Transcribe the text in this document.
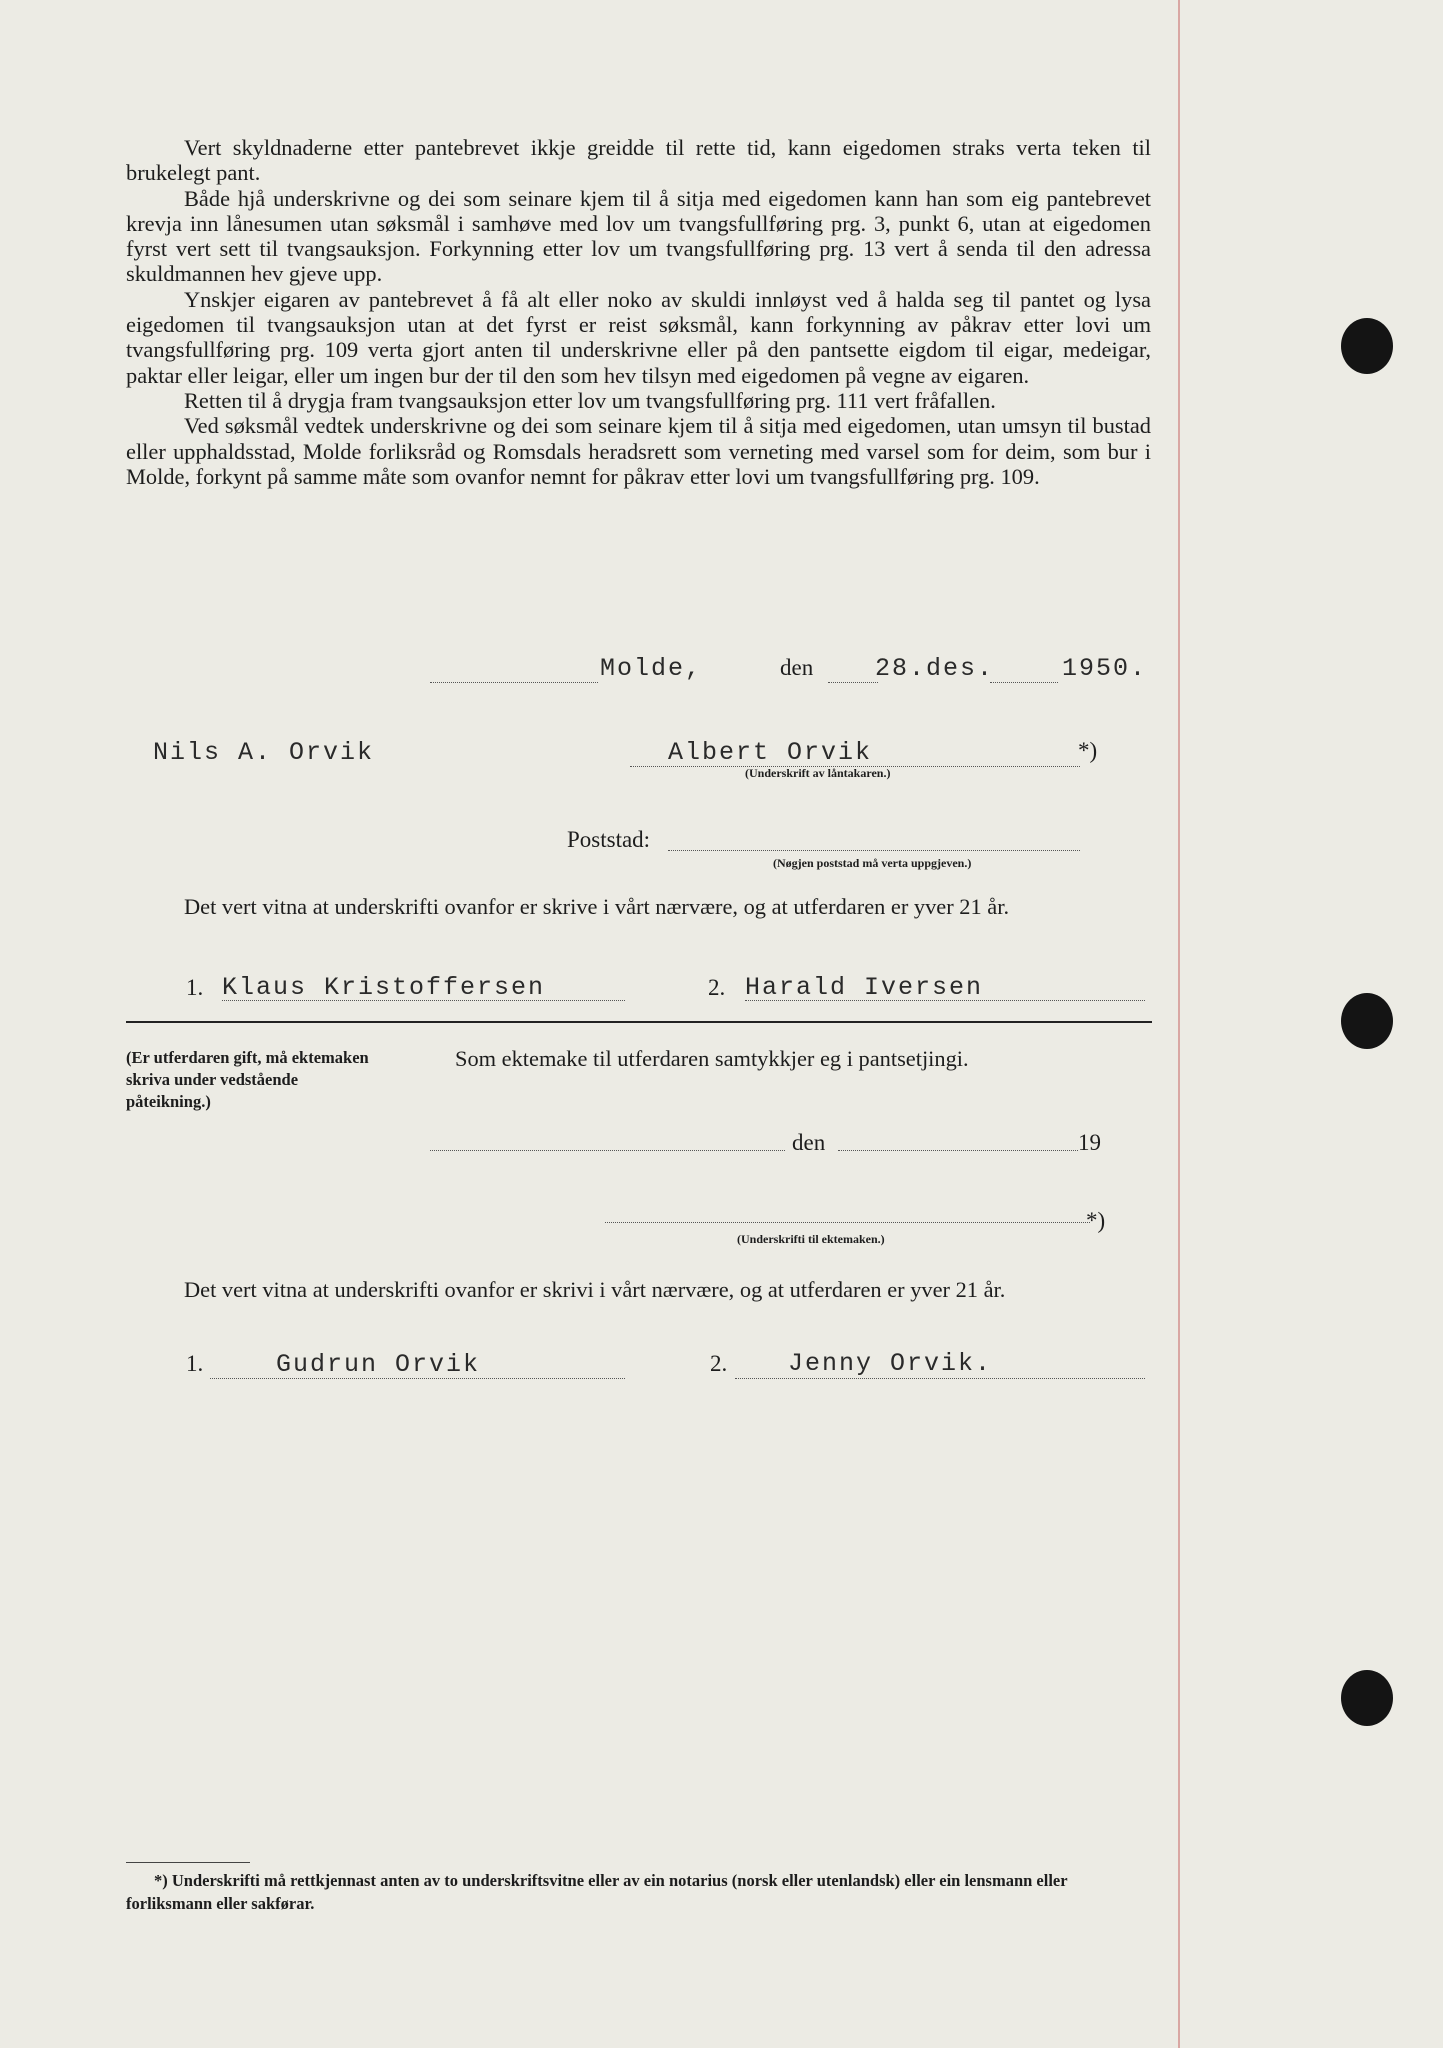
Vert skyldnaderne etter pantebrevet ikkje greidde til rette tid, kann eigedomen straks verta teken til brukelegt pant.

Både hjå underskrivne og dei som seinare kjem til å sitja med eigedomen kann han som eig pantebrevet krevja inn lånesumen utan søksmål i samhøve med lov um tvangsfullføring prg. 3, punkt 6, utan at eigedomen fyrst vert sett til tvangsauksjon. Forkynning etter lov um tvangsfullføring prg. 13 vert å senda til den adressa skuldmannen hev gjeve upp.

Ynskjer eigaren av pantebrevet å få alt eller noko av skuldi innløyst ved å halda seg til pantet og lysa eigedomen til tvangsauksjon utan at det fyrst er reist søksmål, kann forkynning av påkrav etter lovi um tvangsfullføring prg. 109 verta gjort anten til underskrivne eller på den pantsette eigdom til eigar, medeigar, paktar eller leigar, eller um ingen bur der til den som hev tilsyn med eigedomen på vegne av eigaren.

Retten til å drygja fram tvangsauksjon etter lov um tvangsfullføring prg. 111 vert fråfallen.

Ved søksmål vedtek underskrivne og dei som seinare kjem til å sitja med eigedomen, utan umsyn til bustad eller upphaldsstad, Molde forliksråd og Romsdals heradsrett som verneting med varsel som for deim, som bur i Molde, forkynt på samme måte som ovanfor nemnt for påkrav etter lovi um tvangsfullføring prg. 109.

Molde,	den 28.des.	1950.
Nils A. Orvik	Albert Orvik	*)
(Underskrift av låntakaren.)
Poststad:
(Nøgjen poststad må verta uppgjeven.)
Det vert vitna at underskrifti ovanfor er skrive i vårt nærvære, og at utferdaren er yver 21 år.
1. Klaus Kristoffersen	2. Harald Iversen
(Er utferdaren gift, må ektemaken skriva under vedstående påteikning.)
Som ektemake til utferdaren samtykkjer eg i pantsetjingi.
den	19
*)
(Underskrifti til ektemaken.)
Det vert vitna at underskrifti ovanfor er skrivi i vårt nærvære, og at utferdaren er yver 21 år.
1.	Gudrun Orvik	2. Jenny Orvik.
*) Underskrifti må rettkjennast anten av to underskriftsvitne eller av ein notarius (norsk eller utenlandsk) eller ein lensmann eller forliksmann eller sakførar.
